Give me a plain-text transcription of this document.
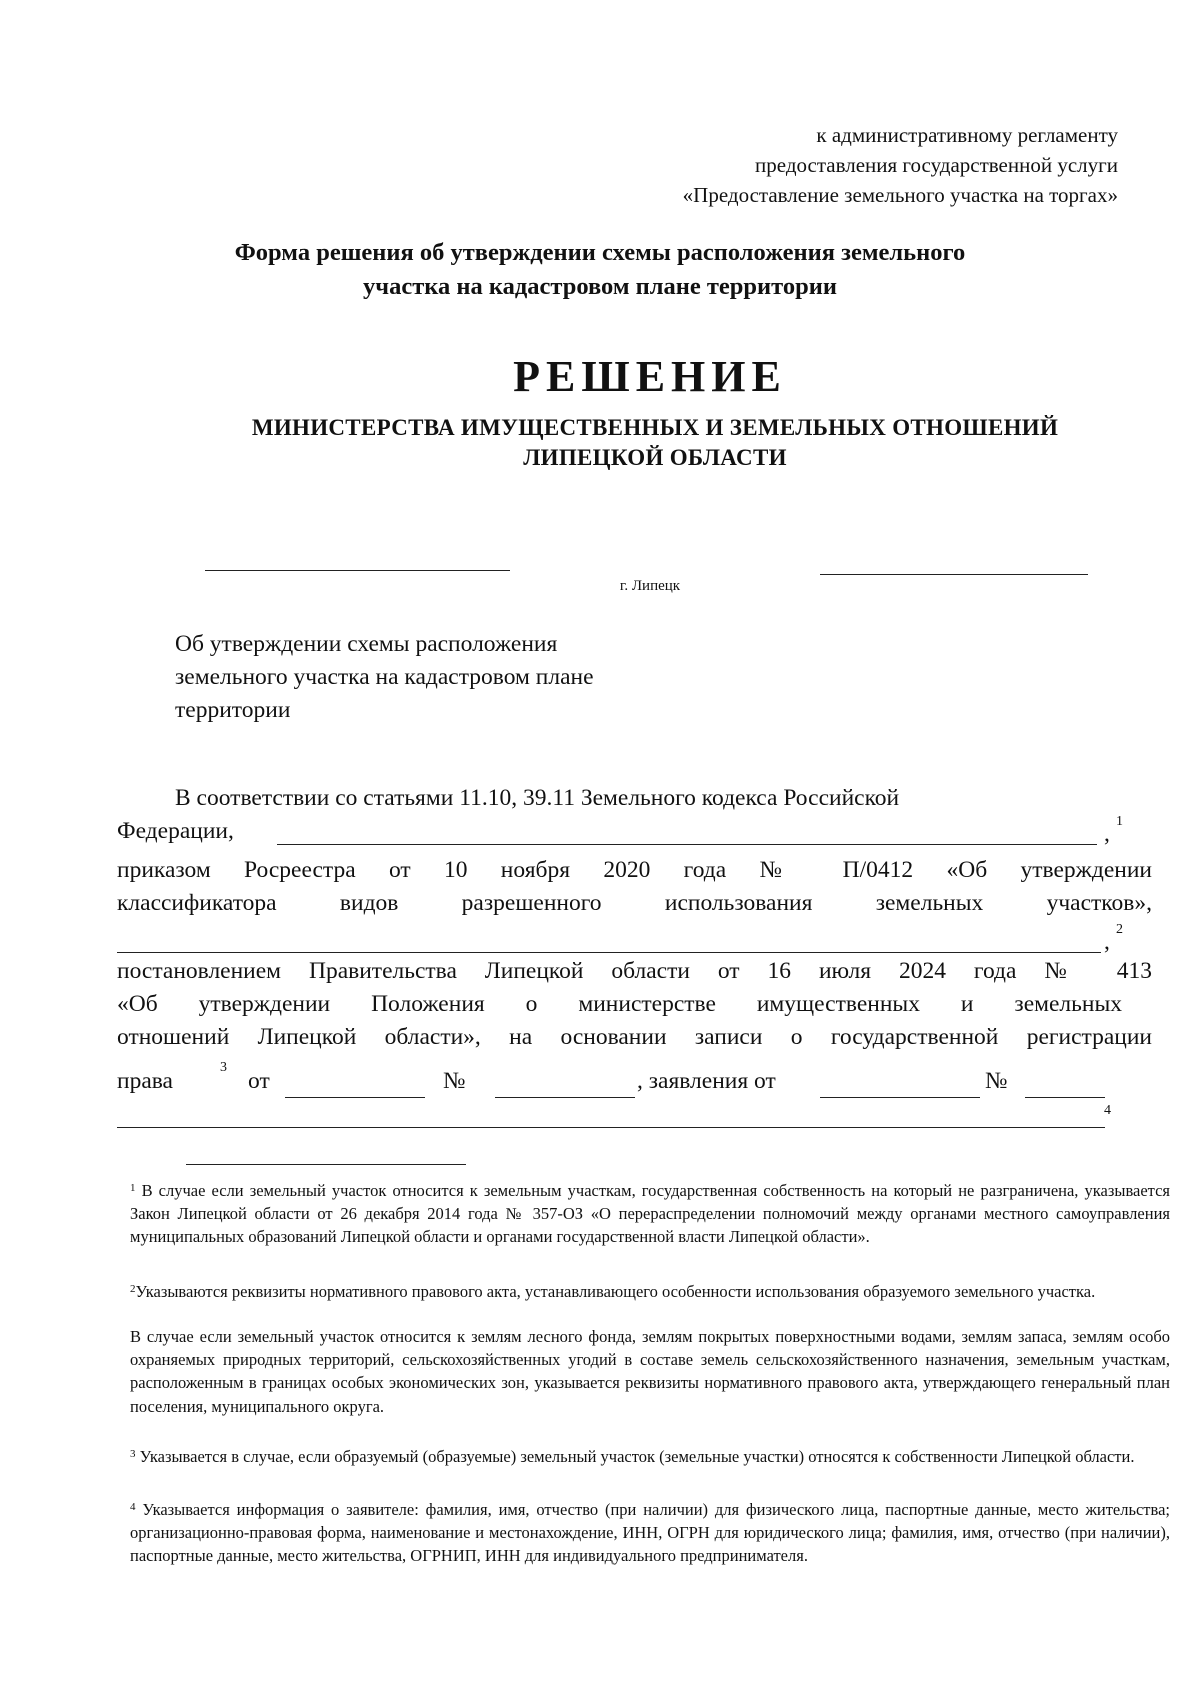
к административному регламенту
предоставления государственной услуги
«Предоставление земельного участка на торгах»
Форма решения об утверждении схемы расположения земельного
участка на кадастровом плане территории
РЕШЕНИЕ
МИНИСТЕРСТВА ИМУЩЕСТВЕННЫХ И ЗЕМЕЛЬНЫХ ОТНОШЕНИЙ
ЛИПЕЦКОЙ ОБЛАСТИ
г. Липецк
Об утверждении схемы расположения
земельного участка на кадастровом плане
территории
В соответствии со статьями 11.10, 39.11 Земельного кодекса Российской
Федерации,	, 1
приказом Росреестра от 10 ноября 2020 года № П/0412 «Об утверждении
классификатора видов разрешенного использования земельных участков»,
, 2
постановлением Правительства Липецкой области от 16 июля 2024 года № 413
«Об утверждении Положения о министерстве имущественных и земельных
отношений Липецкой области», на основании записи о государственной регистрации
права
3
от	№	, заявления от	№
4
$^1$ В случае если земельный участок относится к земельным участкам, государственная собственность на который не разграничена, указывается Закон Липецкой области от 26 декабря 2014 года № 357-ОЗ «О перераспределении полномочий между органами местного самоуправления муниципальных образований Липецкой области и органами государственной власти Липецкой области».
$^2$Указываются реквизиты нормативного правового акта, устанавливающего особенности использования образуемого земельного участка.
В случае если земельный участок относится к землям лесного фонда, землям покрытых поверхностными водами, землям запаса, землям особо охраняемых природных территорий, сельскохозяйственных угодий в составе земель сельскохозяйственного назначения, земельным участкам, расположенным в границах особых экономических зон, указывается реквизиты нормативного правового акта, утверждающего генеральный план поселения, муниципального округа.
$^3$ Указывается в случае, если образуемый (образуемые) земельный участок (земельные участки) относятся к собственности Липецкой области.
$^4$ Указывается информация о заявителе: фамилия, имя, отчество (при наличии) для физического лица, паспортные данные, место жительства; организационно-правовая форма, наименование и местонахождение, ИНН, ОГРН для юридического лица; фамилия, имя, отчество (при наличии), паспортные данные, место жительства, ОГРНИП, ИНН для индивидуального предпринимателя.
